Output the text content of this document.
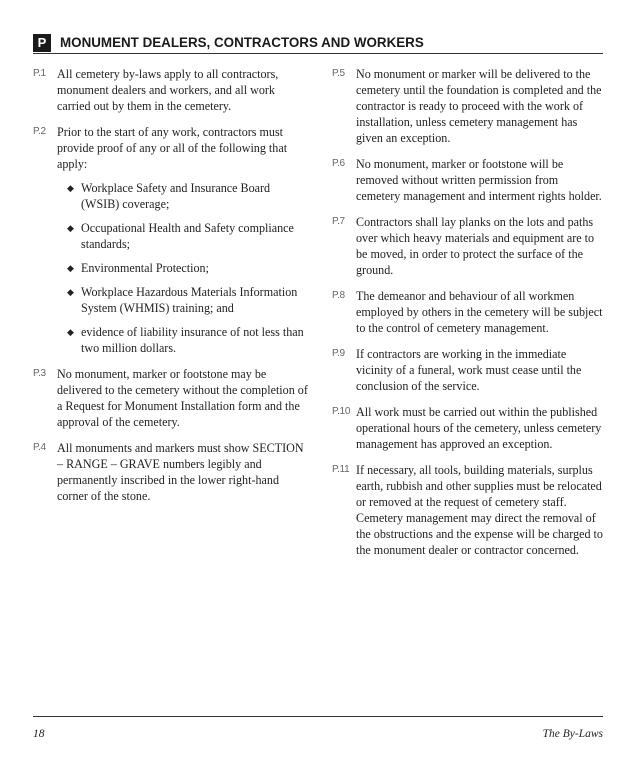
P	MONUMENT DEALERS, CONTRACTORS AND WORKERS
P.1 All cemetery by-laws apply to all contractors, monument dealers and workers, and all work carried out by them in the cemetery.

P.2 Prior to the start of any work, contractors must provide proof of any or all of the following that apply:

◆ Workplace Safety and Insurance Board (WSIB) coverage;
◆ Occupational Health and Safety compliance standards;
◆ Environmental Protection;
◆ Workplace Hazardous Materials Information System (WHMIS) training; and
◆ evidence of liability insurance of not less than two million dollars.
P.3 No monument, marker or footstone may be delivered to the cemetery without the completion of a Request for Monument Installation form and the approval of the cemetery.

P.4 All monuments and markers must show SECTION – RANGE – GRAVE numbers legibly and permanently inscribed in the lower right-hand corner of the stone.

P.5 No monument or marker will be delivered to the cemetery until the foundation is completed and the contractor is ready to proceed with the work of installation, unless cemetery management has given an exception.

P.6 No monument, marker or footstone will be removed without written permission from cemetery management and interment rights holder.

P.7 Contractors shall lay planks on the lots and paths over which heavy materials and equipment are to be moved, in order to protect the surface of the ground.

P.8 The demeanor and behaviour of all workmen employed by others in the cemetery will be subject to the control of cemetery management.

P.9 If contractors are working in the immediate vicinity of a funeral, work must cease until the conclusion of the service.

P.10 All work must be carried out within the published operational hours of the cemetery, unless cemetery management has approved an exception.

P.11 If necessary, all tools, building materials, surplus earth, rubbish and other supplies must be relocated or removed at the request of cemetery staff. Cemetery management may direct the removal of the obstructions and the expense will be charged to the monument dealer or contractor concerned.

18	The By-Laws
